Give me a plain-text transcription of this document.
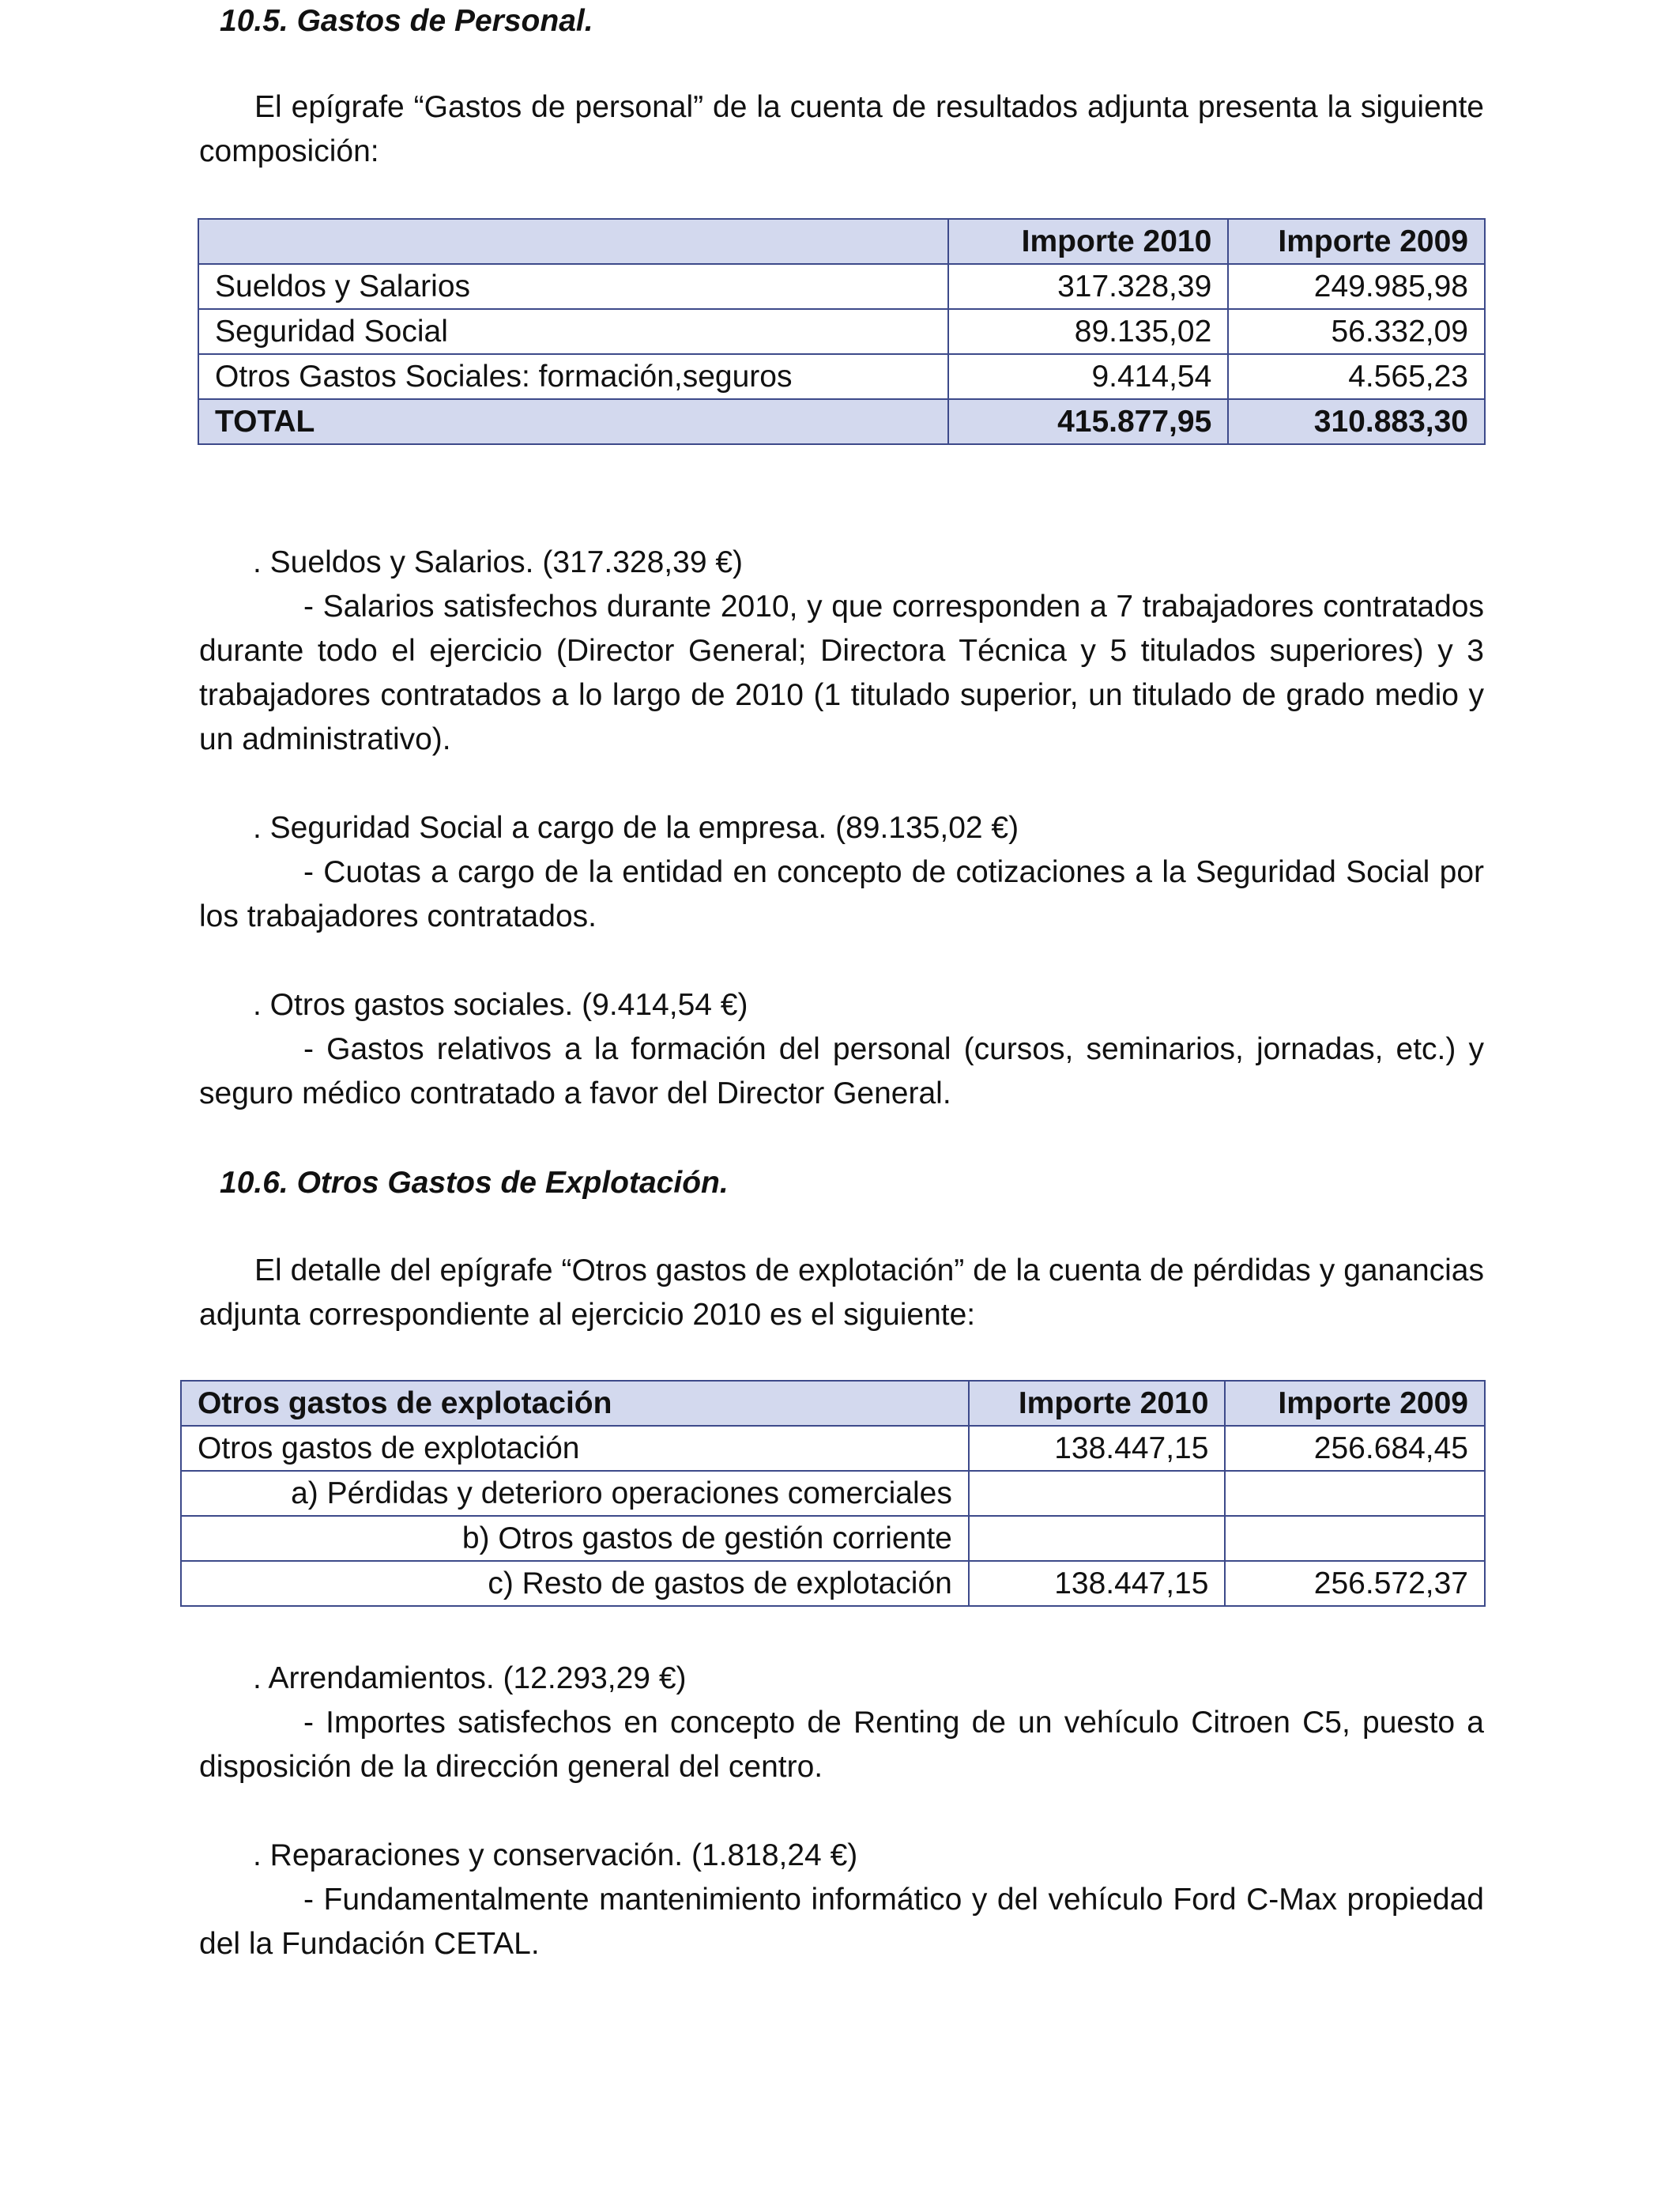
10.5. Gastos de Personal.
El epígrafe “Gastos de personal” de la cuenta de resultados adjunta presenta la siguiente composición:
	Importe 2010	Importe 2009
Sueldos y Salarios	317.328,39	249.985,98
Seguridad Social	89.135,02	56.332,09
Otros Gastos Sociales: formación,seguros	9.414,54	4.565,23
TOTAL	415.877,95	310.883,30
. Sueldos y Salarios. (317.328,39 €)
- Salarios satisfechos durante 2010, y que corresponden a 7 trabajadores contratados durante todo el ejercicio (Director General; Directora Técnica y 5 titulados superiores) y 3 trabajadores contratados a lo largo de 2010 (1 titulado superior, un titulado de grado medio y un administrativo).
. Seguridad Social a cargo de la empresa. (89.135,02 €)
- Cuotas a cargo de la entidad en concepto de cotizaciones a la Seguridad Social por los trabajadores contratados.
. Otros gastos sociales. (9.414,54 €)
- Gastos relativos a la formación del personal (cursos, seminarios, jornadas, etc.) y seguro médico contratado a favor del Director General.
10.6. Otros Gastos de Explotación.
El detalle del epígrafe “Otros gastos de explotación” de la cuenta de pérdidas y ganancias adjunta correspondiente al ejercicio 2010 es el siguiente:
Otros gastos de explotación	Importe 2010	Importe 2009
Otros gastos de explotación	138.447,15	256.684,45
a) Pérdidas y deterioro operaciones comerciales		
b) Otros gastos de gestión corriente		
c) Resto de gastos de explotación	138.447,15	256.572,37
. Arrendamientos. (12.293,29 €)
- Importes satisfechos en concepto de Renting de un vehículo Citroen C5, puesto a disposición de la dirección general del centro.
. Reparaciones y conservación. (1.818,24 €)
- Fundamentalmente mantenimiento informático y del vehículo Ford C-Max propiedad del la Fundación CETAL.
